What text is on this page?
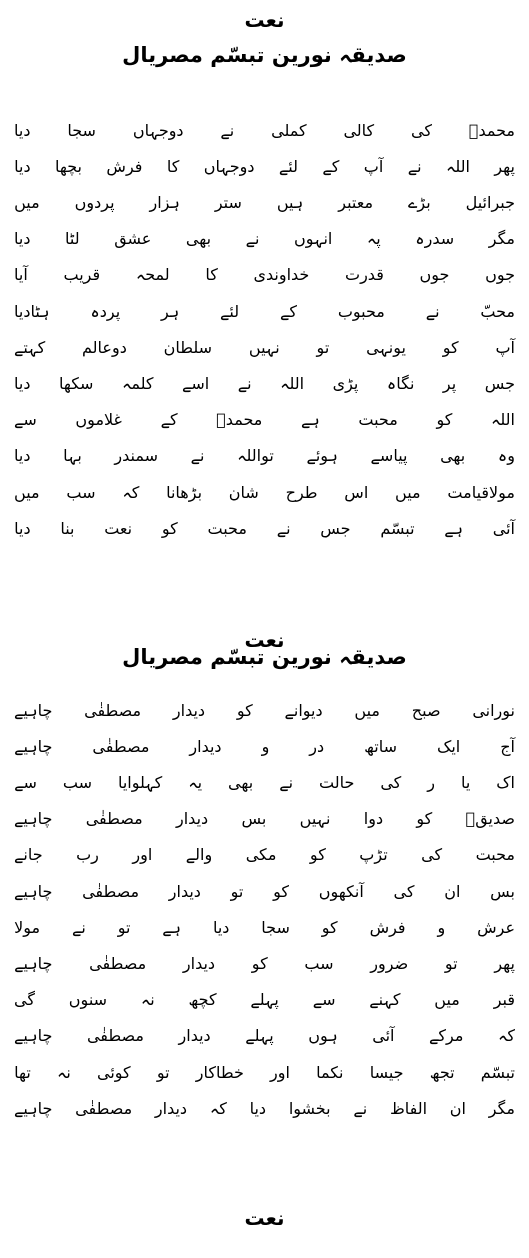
نعت
صدیقہ نورین تبسّم مصریال
محمدؐ
کی
کالی
کملی
نے
دوجہاں
سجا
دیا
پھر
اللہ
نے
آپ
کے
لئے
دوجہاں
کا
فرش
بچھا
دیا
جبرائیل
بڑے
معتبر
ہیں
ستر
ہزار
پردوں
میں
مگر
سدرہ
پہ
انہوں
نے
بھی
عشق
لٹا
دیا
جوں
جوں
قدرت
خداوندی
کا
لمحہ
قریب
آیا
محبّ
نے
محبوب
کے
لئے
ہر
پردہ
ہٹادیا
آپ
کو
یونہی
تو
نہیں
سلطان
دوعالم
کہتے
جس
پر
نگاہ
پڑی
اللہ
نے
اسے
کلمہ
سکھا
دیا
اللہ
کو
محبت
ہے
محمدؐ
کے
غلاموں
سے
وہ
بھی
پیاسے
ہوئے
تواللہ
نے
سمندر
بہا
دیا
مولاقیامت
میں
اس
طرح
شان
بڑھانا
کہ
سب
میں
آئی
ہے
تبسّم
جس
نے
محبت
کو
نعت
بنا
دیا
نعت
صدیقہ نورین تبسّم مصریال
نورانی
صبح
میں
دیوانے
کو
دیدار
مصطفٰی
چاہیے
آج
ایک
ساتھ
در
و
دیدار
مصطفٰی
چاہیے
اک
یا
ر
کی
حالت
نے
بھی
یہ
کہلوایا
سب
سے
صدیقؓ
کو
دوا
نہیں
بس
دیدار
مصطفٰی
چاہیے
محبت
کی
تڑپ
کو
مکی
والے
اور
رب
جانے
بس
ان
کی
آنکھوں
کو
تو
دیدار
مصطفٰی
چاہیے
عرش
و
فرش
کو
سجا
دیا
ہے
تو
نے
مولا
پھر
تو
ضرور
سب
کو
دیدار
مصطفٰی
چاہیے
قبر
میں
کہنے
سے
پہلے
کچھ
نہ
سنوں
گی
کہ
مرکے
آئی
ہوں
پہلے
دیدار
مصطفٰی
چاہیے
تبسّم
تجھ
جیسا
نکما
اور
خطاکار
تو
کوئی
نہ
تھا
مگر
ان
الفاظ
نے
بخشوا
دیا
کہ
دیدار
مصطفٰی
چاہیے
نعت
